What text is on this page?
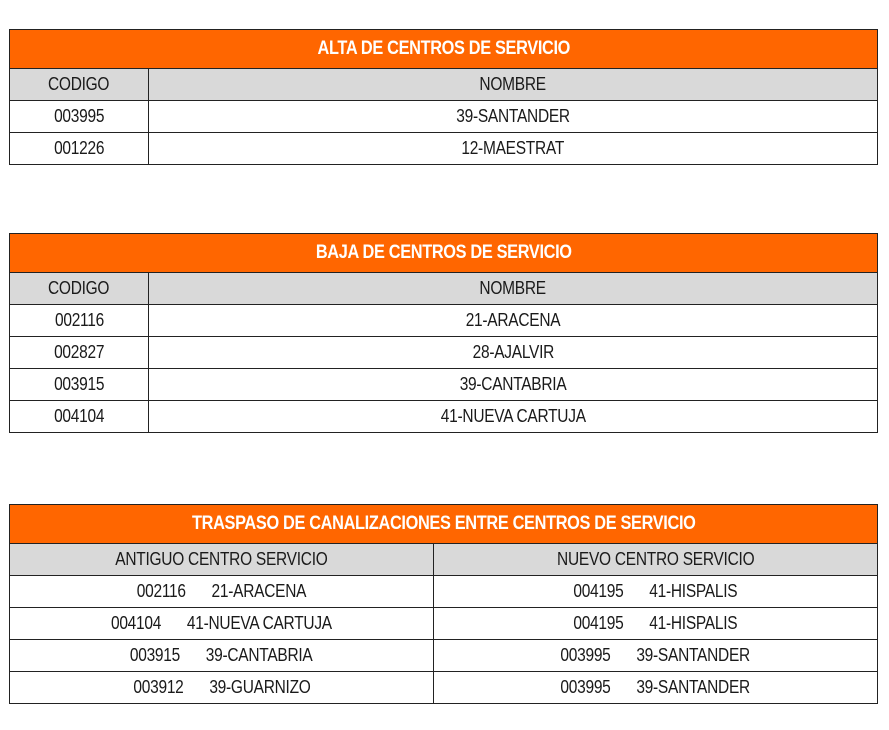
ALTA DE CENTROS DE SERVICIO	
CODIGO	NOMBRE
003995	39-SANTANDER
001226	12-MAESTRAT
BAJA DE CENTROS DE SERVICIO	
CODIGO	NOMBRE
002116	21-ARACENA
002827	28-AJALVIR
003915	39-CANTABRIA
004104	41-NUEVA CARTUJA
TRASPASO DE CANALIZACIONES ENTRE CENTROS DE SERVICIO	
ANTIGUO CENTRO SERVICIO	NUEVO CENTRO SERVICIO
002116 21-ARACENA	004195 41-HISPALIS
004104 41-NUEVA CARTUJA	004195 41-HISPALIS
003915 39-CANTABRIA	003995 39-SANTANDER
003912 39-GUARNIZO	003995 39-SANTANDER
